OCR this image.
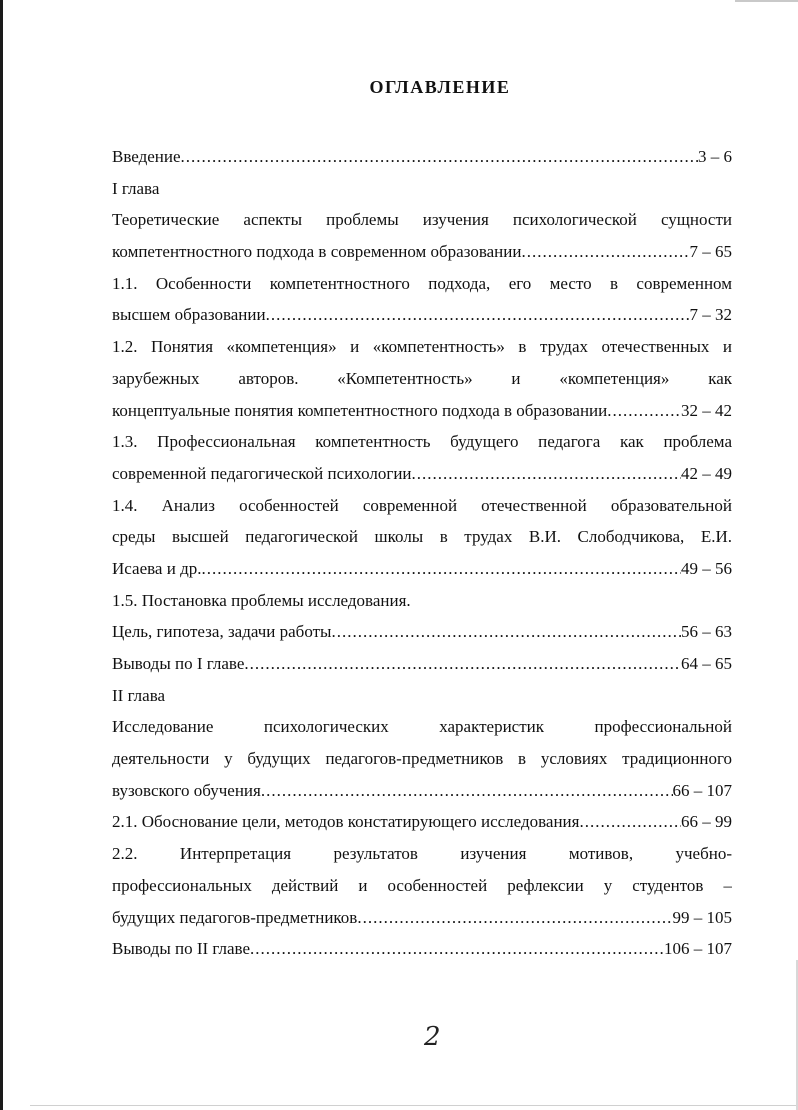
ОГЛАВЛЕНИЕ
Введение .....	3 – 6
I глава
Теоретические аспекты проблемы изучения психологической сущности
компетентностного подхода в современном образовании .....	7 – 65
1.1. Особенности компетентностного подхода, его место в современном
высшем образовании .....	7 – 32
1.2. Понятия «компетенция» и «компетентность» в трудах отечественных и
зарубежных авторов. «Компетентность» и «компетенция» как
концептуальные понятия компетентностного подхода в образовании .....	32 – 42
1.3. Профессиональная компетентность будущего педагога как проблема
современной педагогической психологии .....	42 – 49
1.4. Анализ особенностей современной отечественной образовательной
среды высшей педагогической школы в трудах В.И. Слободчикова, Е.И.
Исаева и др. .....	49 – 56
1.5. Постановка проблемы исследования.
Цель, гипотеза, задачи работы .....	56 – 63
Выводы по I главе .....	64 – 65
II глава
Исследование психологических характеристик профессиональной
деятельности у будущих педагогов-предметников в условиях традиционного
вузовского обучения .....	66 – 107
2.1. Обоснование цели, методов констатирующего исследования .....	66 – 99
2.2. Интерпретация результатов изучения мотивов, учебно-
профессиональных действий и особенностей рефлексии у студентов –
будущих педагогов-предметников .....	99 – 105
Выводы по II главе .....	106 – 107
2
